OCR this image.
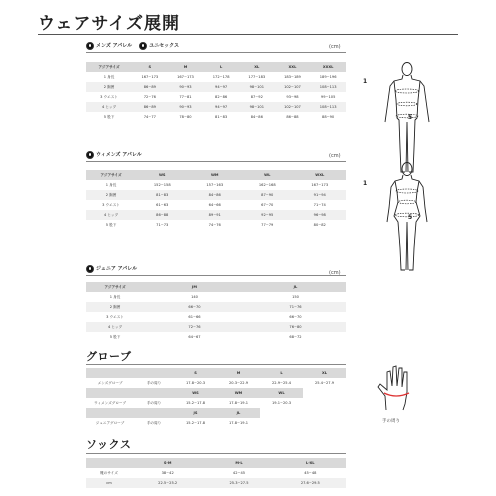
ウェアサイズ展開
メンズ アパレル	ユニセックス	(cm)
アジアサイズ	S	M	L	XL	XXL	XXXL
1 身長	167~173	167~173	172~178	177~183	183~189	189~196
2 胸囲	86~89	90~93	94~97	98~101	102~107	108~113
3 ウエスト	72~76	77~81	82~86	87~92	93~98	99~105
4 ヒップ	86~89	90~93	94~97	98~101	102~107	108~113
5 股下	74~77	78~80	81~83	84~86	86~88	88~90
1
5
ウィメンズ アパレル	(cm)
アジアサイズ	WS	WM	WL	WXL
1 身長	152~158	157~163	162~168	167~173
2 胸囲	81~83	84~86	87~90	91~94
3 ウエスト	61~63	64~66	67~70	71~74
4 ヒップ	86~88	89~91	92~95	96~98
5 股下	71~73	74~76	77~79	80~82
1
5
ジュニア アパレル
(cm)
アジアサイズ	JM	JL
1 身長	140	150
2 胸囲	66~70	71~76
3 ウエスト	61~66	66~70
4 ヒップ	72~76	76~80
5 股下	64~67	68~72
グローブ
		S	M	L	XL
メンズグローブ	手の周り	17.8~20.3	20.3~22.9	22.9~25.4	25.4~27.9
		WS	WM	WL	
ウィメンズグローブ	手の周り	15.2~17.8	17.8~19.1	19.1~20.3	
		JS	JL		
ジュニアグローブ	手の周り	15.2~17.8	17.8~19.1			手の周り
ソックス
	S-M	M-L	L-XL
靴のサイズ	38~42	42~45	45~48
cm	22.5~25.2	25.3~27.5	27.6~29.5
